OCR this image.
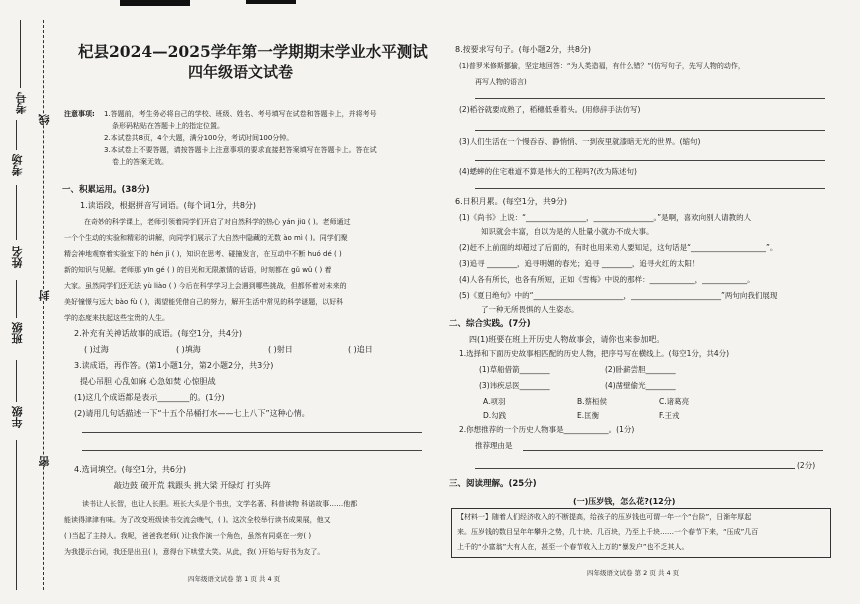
考号
考场
姓名
班级
年级
线
封
密
杞县2024—2025学年第一学期期末学业水平测试
四年级语文试卷
注意事项: 1.答题前，考生务必将自己的学校、班级、姓名、考号填写在试卷和答题卡上，并将考号
条形码粘贴在答题卡上的指定位置。
2.本试卷共8页，4个大题，满分100分，考试时间100分钟。
3.本试卷上不要答题，请按答题卡上注意事项的要求直接把答案填写在答题卡上。答在试
卷上的答案无效。
一、积累运用。(38分)
1.读语段，根据拼音写词语。(每个词1分，共8分)
在奇妙的科学课上，老师引领着同学们开启了对自然科学的热心 yán jiū ( )。老师通过
一个个生动的实验和精彩的讲解，向同学们展示了大自然中隐藏的无数 ào mì ( )。同学们聚
精会神地观察着实验室下的 hén jì ( )，知识在思考、碰撞发言，在互动中不断 huó dé ( )
新的知识与见解。老师那 yīn gé ( ) 的目光和无限激情的话语，时刻都在 gǔ wǔ ( ) 着
大家。虽然同学们还无法 yù liào ( ) 今后在科学学习上会遇到哪些挑战，但都怀着对未来的
美好憧憬与远大 bào fù ( )，渴望能凭借自己的努力，解开生活中常见的科学谜题，以好科
学的态度来扶起这些宝贵的人生。
2.补充有关神话故事的成语。(每空1分，共4分)
( )过海	( )填海	( )射日	( )追日
3.读成语，再作答。(第1小题1分，第2小题2分，共3分)
提心吊胆 心乱如麻 心急如焚 心惊胆战
(1)这几个成语都是表示________的。(1分)
(2)请用几句话描述一下“十五个吊桶打水——七上八下”这种心情。
4.选词填空。(每空1分，共6分)
敲边鼓 破开荒 栽跟头 挑大梁 开绿灯 打头阵
读书让人长智，也让人长胆。班长大头是个书虫，文学名著、科普读物 科诺故事……他都
能读得津津有味。为了改变班级读书交流会晚气，( )。这次全校举行读书成果展，他又
( )当起了主持人。我呢，爸爸我老师( )让我作演一个角色，虽然有同桌在一旁( )
为我提示台词，我还是出丑( )，意得台下哄堂大笑。从此，我( )开始与好书为友了。
四年级语文试卷 第 1 页 共 4 页
8.按要求写句子。(每小题2分，共8分)
(1)普罗米修斯挪揄，坚定地回答：“为人类造福，有什么错？”(仿写句子，先写人物的动作，
再写人物的语言)
(2)稻谷就要成熟了，稻穗低垂着头。(用修辞手法仿写)
(3)人们生活在一个慢吞吞、静悄悄、一到夜里就漆暗无光的世界。(缩句)
(4)蟋蟀的住宅难道不算是伟大的工程吗?(改为陈述句)
6.日积月累。(每空1分，共9分)
(1)《尚书》上说：“________________，________________。”是啊，喜欢向别人请教的人
知识就会丰富，自以为是的人肚量小就办不成大事。
(2)赶不上前面的却超过了后面的，有时也用来劝人要知足，这句话是“____________________”。
(3)追寻 ________，追寻明媚的春光；追寻 ________，追寻火红的太阳！
(4)人各有所长，也各有所短，正如《雪梅》中说的那样：____________，____________。
(5)《夏日绝句》中的“________________________，________________________”两句向我们展现
了一种无所畏惧的人生姿态。
二、综合实践。(7分)
四(1)班要在班上开历史人物故事会，请你也来参加吧。
1.选择和下面历史故事相匹配的历史人物，把序号写在横线上。(每空1分，共4分)
(1)草船借箭________	(2)卧薪尝胆________
(3)讳疾忌医________	(4)凿壁偷光________
A.项羽	B.蔡桓侯	C.诸葛亮
D.勾践	E.匡衡	F.王戎
2.你想推荐的一个历史人物事是____________。(1分)
推荐理由是
(2分)
三、阅读理解。(25分)
(一)压岁钱，怎么花?(12分)
【材料一】随着人们经济收入的不断提高，给孩子的压岁钱也可谓一年一个“台阶”，日渐年厚起
来。压岁钱的数目呈年年攀升之势，几十块、几百块，乃至上千块……一个春节下来，“压成”几百
上千的“小富翁”大有人在，甚至一个春节收入上万的“暴发户”也不乏其人。
四年级语文试卷 第 2 页 共 4 页
